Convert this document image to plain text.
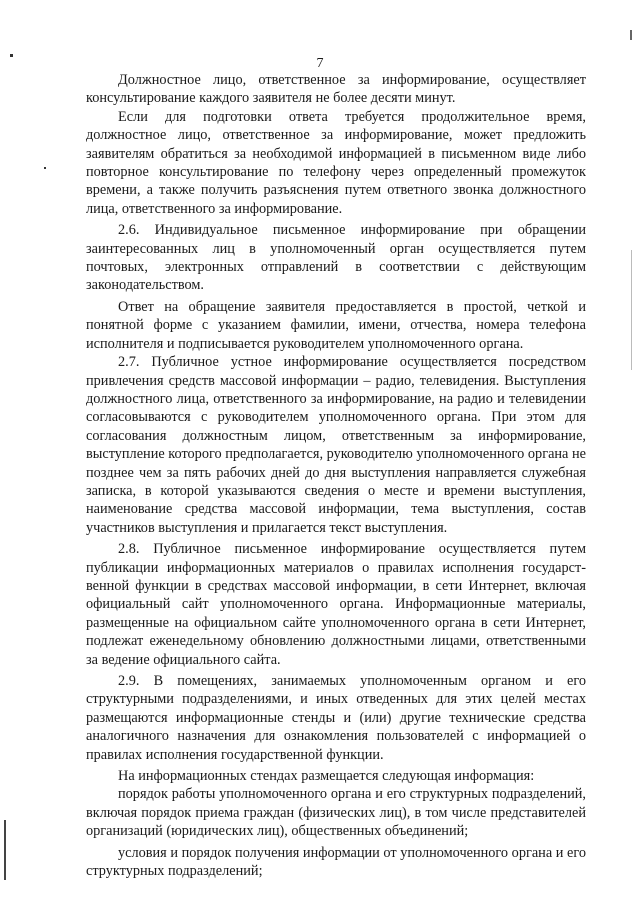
7

Должностное лицо, ответственное за информирование, осуществляет консультирование каждого заявителя не более десяти минут.

Если для подготовки ответа требуется продолжительное время, должностное лицо, ответственное за информирование, может предложить заявителям обратиться за необходимой информацией в письменном виде либо повторное консультирование по телефону через определенный промежуток времени, а также получить разъяснения путем ответного звонка должностного лица, ответственного за информирование.

2.6. Индивидуальное письменное информирование при обращении заинтересованных лиц в уполномоченный орган осуществляется путем почтовых, электронных отправлений в соответствии с действующим законодательством.

Ответ на обращение заявителя предоставляется в простой, четкой и понятной форме с указанием фамилии, имени, отчества, номера телефона исполнителя и подписывается руководителем уполномоченного органа.

2.7. Публичное устное информирование осуществляется посредством привлечения средств массовой информации – радио, телевидения. Выступления должностного лица, ответственного за информирование, на радио и телевидении согласовываются с руководителем уполномоченного органа. При этом для согласования должностным лицом, ответственным за информирование, выступление которого предполагается, руководителю уполномоченного органа не позднее чем за пять рабочих дней до дня выступления направляется служебная записка, в которой указываются сведения о месте и времени выступления, наименование средства массовой информации, тема выступления, состав участников выступления и прилагается текст выступления.

2.8. Публичное письменное информирование осуществляется путем публикации информационных материалов о правилах исполнения государст-венной функции в средствах массовой информации, в сети Интернет, включая официальный сайт уполномоченного органа. Информационные материалы, размещенные на официальном сайте уполномоченного органа в сети Интернет, подлежат еженедельному обновлению должностными лицами, ответственными за ведение официального сайта.

2.9. В помещениях, занимаемых уполномоченным органом и его структурными подразделениями, и иных отведенных для этих целей местах размещаются информационные стенды и (или) другие технические средства аналогичного назначения для ознакомления пользователей с информацией о правилах исполнения государственной функции.

На информационных стендах размещается следующая информация:

порядок работы уполномоченного органа и его структурных подразделений, включая порядок приема граждан (физических лиц), в том числе представителей организаций (юридических лиц), общественных объединений;

условия и порядок получения информации от уполномоченного органа и его структурных подразделений;
